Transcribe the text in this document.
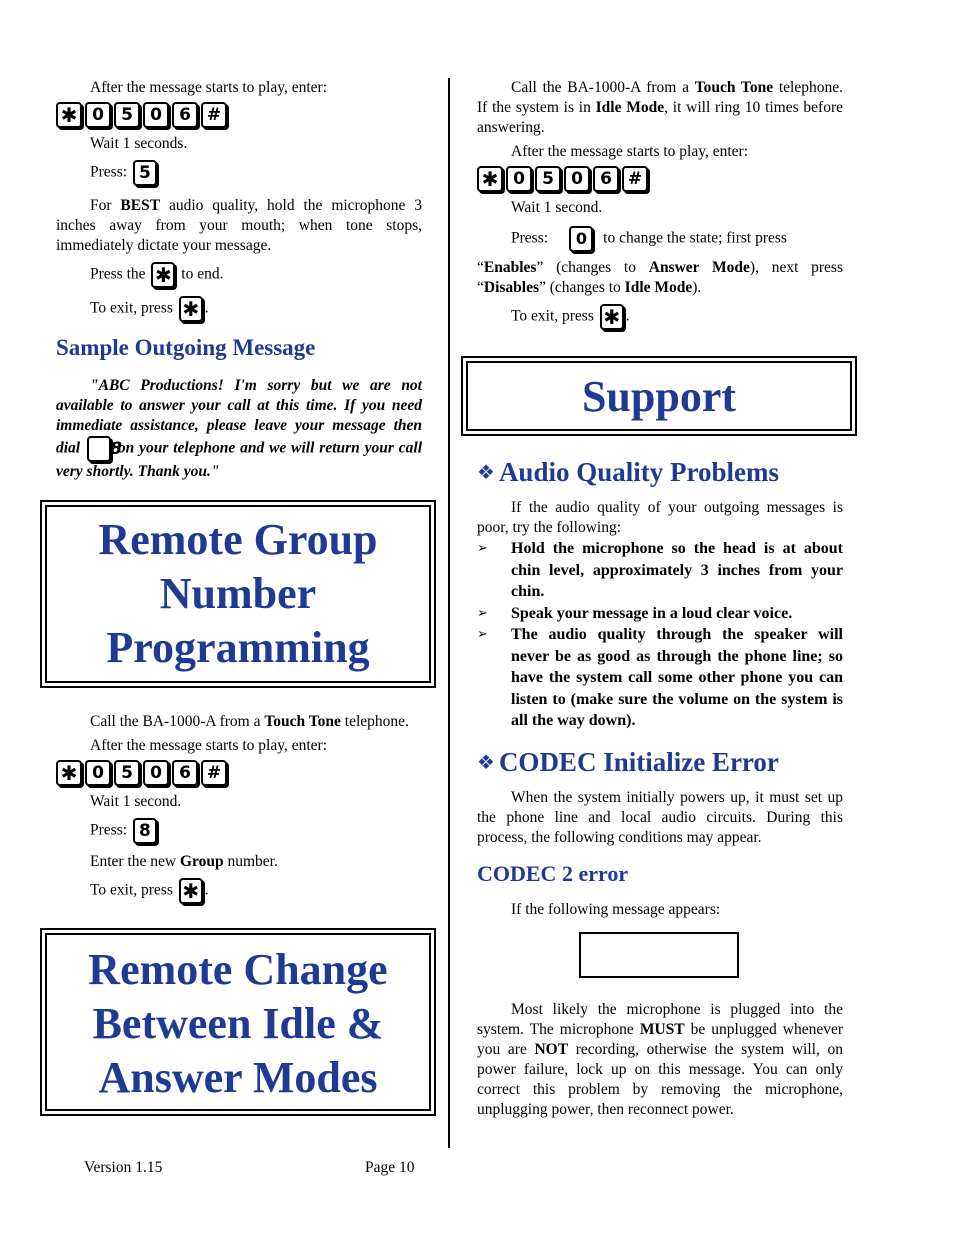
After the message starts to play, enter:

✱ 0	5	0	6 #

Wait 1 seconds.

Press: 5

For BEST audio quality, hold the microphone 3 inches away from your mouth; when tone stops, immediately dictate your message.

Press the ✱ to end.

To exit, press ✱ .

Sample Outgoing Message

"ABC Productions! I'm sorry but we are not available to answer your call at this time. If you need immediate assistance, please leave your message then dial 8 on your telephone and we will return your call very shortly. Thank you."

Remote Group
Number
Programming

Call the BA-1000-A from a Touch Tone telephone.

After the message starts to play, enter:

✱ 0	5	0	6 #

Wait 1 second.

Press: 8

Enter the new Group number.

To exit, press ✱ .

Remote Change
Between Idle &
Answer Modes

Call the BA-1000-A from a Touch Tone telephone. If the system is in Idle Mode, it will ring 10 times before answering.

After the message starts to play, enter:

✱ 0	5	0	6 #

Wait 1 second.

Press: 0 to change the state; first press

“Enables” (changes to Answer Mode), next press “Disables” (changes to Idle Mode).

To exit, press ✱ .

Support
❖ Audio Quality Problems

If the audio quality of your outgoing messages is poor, try the following:

➢ Hold the microphone so the head is at about chin level, approximately 3 inches from your chin.
➢ Speak your message in a loud clear voice.
➢ The audio quality through the speaker will never be as good as through the phone line; so have the system call some other phone you can listen to (make sure the volume on the system is all the way down).
❖ CODEC Initialize Error

When the system initially powers up, it must set up the phone line and local audio circuits. During this process, the following conditions may appear.

CODEC 2 error

If the following message appears:

Most likely the microphone is plugged into the system. The microphone MUST be unplugged whenever you are NOT recording, otherwise the system will, on power failure, lock up on this message. You can only correct this problem by removing the microphone, unplugging power, then reconnect power.

Version 1.15	Page 10
